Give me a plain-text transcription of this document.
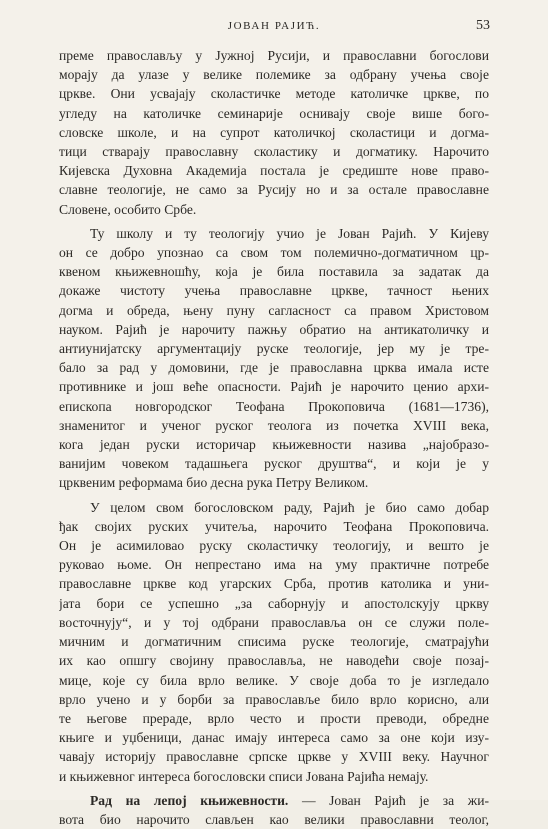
ЈОВАН РАЈИЋ.	53
преме православљу у Јужној Русији, и православни богослови
морају да улазе у велике полемике за одбрану учења своје
цркве. Они усвајају сколастичке методе католичке цркве, по
угледу на католичке семинарије оснивају своје више бого-
словске школе, и на супрот католичкој сколастици и догма-
тици стварају православну сколастику и догматику. Нарочито
Кијевска Духовна Академија постала је средиште нове право-
славне теологије, не само за Русију но и за остале православне
Словене, особито Србе.
Ту школу и ту теологију учио је Јован Рајић. У Кијеву
он се добро упознао са свом том полемично-догматичном цр-
квеном књижевношћу, која је била поставила за задатак да
докаже чистоту учења православне цркве, тачност њених
догма и обреда, њену пуну сагласност са правом Христовом
науком. Рајић је нарочиту пажњу обратио на антикатоличку и
антиунијатску аргументацију руске теологије, јер му је тре-
бало за рад у домовини, где је православна црква имала исте
противнике и још веће опасности. Рајић је нарочито ценио архи-
епископа новгородског Теофана Прокоповича (1681—1736),
знаменитог и ученог руског теолога из почетка XVIII века,
кога један руски историчар књижевности назива „најобразо-
ванијим човеком тадашњега руског друштва“, и који је у
црквеним реформама био десна рука Петру Великом.
У целом свом богословском раду, Рајић је био само добар
ђак својих руских учитеља, нарочито Теофана Прокоповича.
Он је асимиловао руску сколастичку теологију, и вешто је
руковао њоме. Он непрестано има на уму практичне потребе
православне цркве код угарских Срба, против католика и уни-
јата бори се успешно „за саборнују и апостолскују цркву
восточнују“, и у тој одбрани православља он се служи поле-
мичним и догматичним списима руске теологије, сматрајући
их као опшгу својину православља, не наводећи своје позај-
мице, које су била врло велике. У своје доба то је изгледало
врло учено и у борби за православље било врло корисно, али
те његове прераде, врло често и прости преводи, обредне
књиге и уџбеници, данас имају интереса само за оне који изу-
чавају историју православне српске цркве у XVIII веку. Научног
и књижевног интереса богословски списи Јована Рајића немају.
Рад на лепој књижевности. — Јован Рајић је за жи-
вота био нарочито слављен као велики православни теолог,
